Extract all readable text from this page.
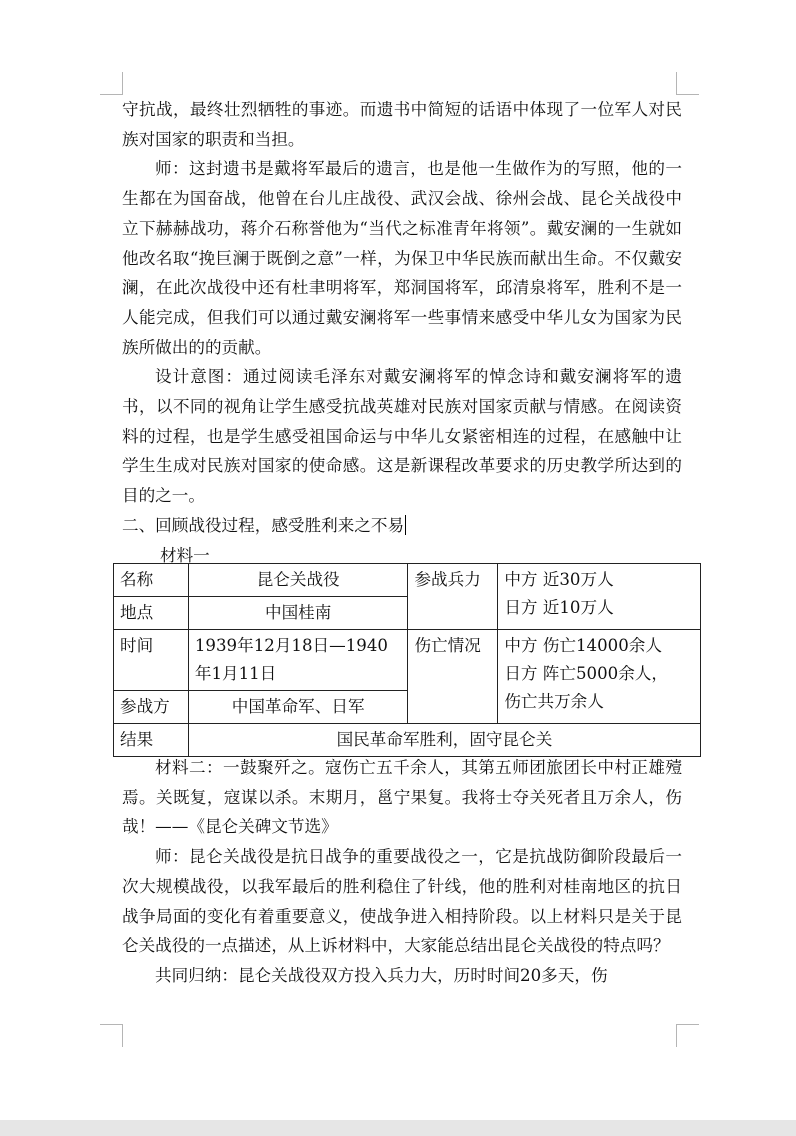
守抗战，最终壮烈牺牲的事迹。而遗书中简短的话语中体现了一位军人对民族对国家的职责和当担。

师：这封遗书是戴将军最后的遗言，也是他一生做作为的写照，他的一生都在为国奋战，他曾在台儿庄战役、武汉会战、徐州会战、昆仑关战役中立下赫赫战功，蒋介石称誉他为“当代之标准青年将领”。戴安澜的一生就如他改名取“挽巨澜于既倒之意”一样，为保卫中华民族而献出生命。不仅戴安澜，在此次战役中还有杜聿明将军，郑洞国将军，邱清泉将军，胜利不是一人能完成，但我们可以通过戴安澜将军一些事情来感受中华儿女为国家为民族所做出的的贡献。

设计意图：通过阅读毛泽东对戴安澜将军的悼念诗和戴安澜将军的遗书，以不同的视角让学生感受抗战英雄对民族对国家贡献与情感。在阅读资料的过程，也是学生感受祖国命运与中华儿女紧密相连的过程，在感触中让学生生成对民族对国家的使命感。这是新课程改革要求的历史教学所达到的目的之一。

二、回顾战役过程，感受胜利来之不易

材料一

名称	昆仑关战役	参战兵力	中方 近30万人
日方 近10万人

地点	中国桂南		
时间	1939年12月18日—1940年1月11日	伤亡情况	中方 伤亡14000余人
日方 阵亡5000余人，
伤亡共万余人

参战方	中国革命军、日军		
结果	国民革命军胜利，固守昆仑关		

材料二：一鼓聚歼之。寇伤亡五千余人，其第五师团旅团长中村正雄殪焉。关既复，寇谋以杀。末期月，邕宁果复。我将士夺关死者且万余人，伤哉！——《昆仑关碑文节选》

师：昆仑关战役是抗日战争的重要战役之一，它是抗战防御阶段最后一次大规模战役，以我军最后的胜利稳住了针线，他的胜利对桂南地区的抗日战争局面的变化有着重要意义，使战争进入相持阶段。以上材料只是关于昆仑关战役的一点描述，从上诉材料中，大家能总结出昆仑关战役的特点吗？

共同归纳：昆仑关战役双方投入兵力大，历时时间20多天，伤
